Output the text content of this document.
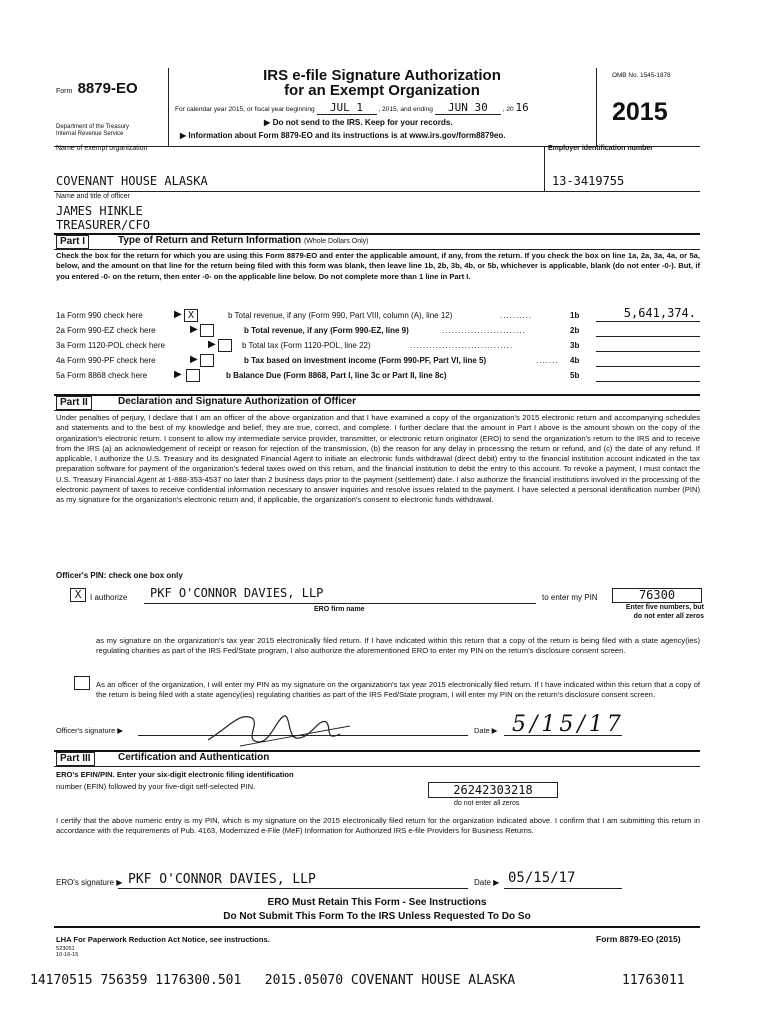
Form 8879-EO
Department of the Treasury
Internal Revenue Service
IRS e-file Signature Authorization
for an Exempt Organization
For calendar year 2015, or fiscal year beginning JUL 1 , 2015, and ending JUN 30 , 20 16
▶ Do not send to the IRS. Keep for your records.
▶ Information about Form 8879-EO and its instructions is at www.irs.gov/form8879eo.
OMB No. 1545-1878
2015
Name of exempt organization	Employer identification number
COVENANT HOUSE ALASKA	13-3419755
Name and title of officer
JAMES HINKLE
TREASURER/CFO
Part I	Type of Return and Return Information (Whole Dollars Only)
Check the box for the return for which you are using this Form 8879-EO and enter the applicable amount, if any, from the return. If you check the box on line 1a, 2a, 3a, 4a, or 5a, below, and the amount on that line for the return being filed with this form was blank, then leave line 1b, 2b, 3b, 4b, or 5b, whichever is applicable, blank (do not enter -0-). But, if you entered -0- on the return, then enter -0- on the applicable line below. Do not complete more than 1 line in Part I.
1a Form 990 check here	▶ X	b Total revenue, if any (Form 990, Part VIII, column (A), line 12)	..........	1b	5,641,374.
2a Form 990-EZ check here	▶	b Total revenue, if any (Form 990-EZ, line 9)	..........................	2b
3a Form 1120-POL check here	▶	b Total tax (Form 1120-POL, line 22)	................................	3b
4a Form 990-PF check here	▶	b Tax based on investment income (Form 990-PF, Part VI, line 5)	....... 4b
5a Form 8868 check here	▶	b Balance Due (Form 8868, Part I, line 3c or Part II, line 8c)	5b
Part II	Declaration and Signature Authorization of Officer
Under penalties of perjury, I declare that I am an officer of the above organization and that I have examined a copy of the organization's 2015 electronic return and accompanying schedules and statements and to the best of my knowledge and belief, they are true, correct, and complete. I further declare that the amount in Part I above is the amount shown on the copy of the organization's electronic return. I consent to allow my intermediate service provider, transmitter, or electronic return originator (ERO) to send the organization's return to the IRS and to receive from the IRS (a) an acknowledgement of receipt or reason for rejection of the transmission, (b) the reason for any delay in processing the return or refund, and (c) the date of any refund. If applicable, I authorize the U.S. Treasury and its designated Financial Agent to initiate an electronic funds withdrawal (direct debit) entry to the financial institution account indicated in the tax preparation software for payment of the organization's federal taxes owed on this return, and the financial institution to debit the entry to this account. To revoke a payment, I must contact the U.S. Treasury Financial Agent at 1-888-353-4537 no later than 2 business days prior to the payment (settlement) date. I also authorize the financial institutions involved in the processing of the electronic payment of taxes to receive confidential information necessary to answer inquiries and resolve issues related to the payment. I have selected a personal identification number (PIN) as my signature for the organization's electronic return and, if applicable, the organization's consent to electronic funds withdrawal.
Officer's PIN: check one box only
X	I authorize PKF O'CONNOR DAVIES, LLP
ERO firm name
to enter my PIN	76300
Enter five numbers, but
do not enter all zeros
as my signature on the organization's tax year 2015 electronically filed return. If I have indicated within this return that a copy of the return is being filed with a state agency(ies) regulating charities as part of the IRS Fed/State program, I also authorize the aforementioned ERO to enter my PIN on the return's disclosure consent screen.
As an officer of the organization, I will enter my PIN as my signature on the organization's tax year 2015 electronically filed return. If I have indicated within this return that a copy of the return is being filed with a state agency(ies) regulating charities as part of the IRS Fed/State program, I will enter my PIN on the return's disclosure consent screen.
Officer's signature ▶	Date ▶ 5/15/17
Part III	Certification and Authentication
ERO's EFIN/PIN. Enter your six-digit electronic filing identification
number (EFIN) followed by your five-digit self-selected PIN.	26242303218
do not enter all zeros
I certify that the above numeric entry is my PIN, which is my signature on the 2015 electronically filed return for the organization indicated above. I confirm that I am submitting this return in accordance with the requirements of Pub. 4163, Modernized e-File (MeF) Information for Authorized IRS e-file Providers for Business Returns.
ERO's signature ▶ PKF O'CONNOR DAVIES, LLP	Date ▶ 05/15/17
ERO Must Retain This Form - See Instructions
Do Not Submit This Form To the IRS Unless Requested To Do So
LHA For Paperwork Reduction Act Notice, see instructions.
523051
10-16-15
Form 8879-EO (2015)
14170515 756359 1176300.501   2015.05070 COVENANT HOUSE ALASKA	11763011
